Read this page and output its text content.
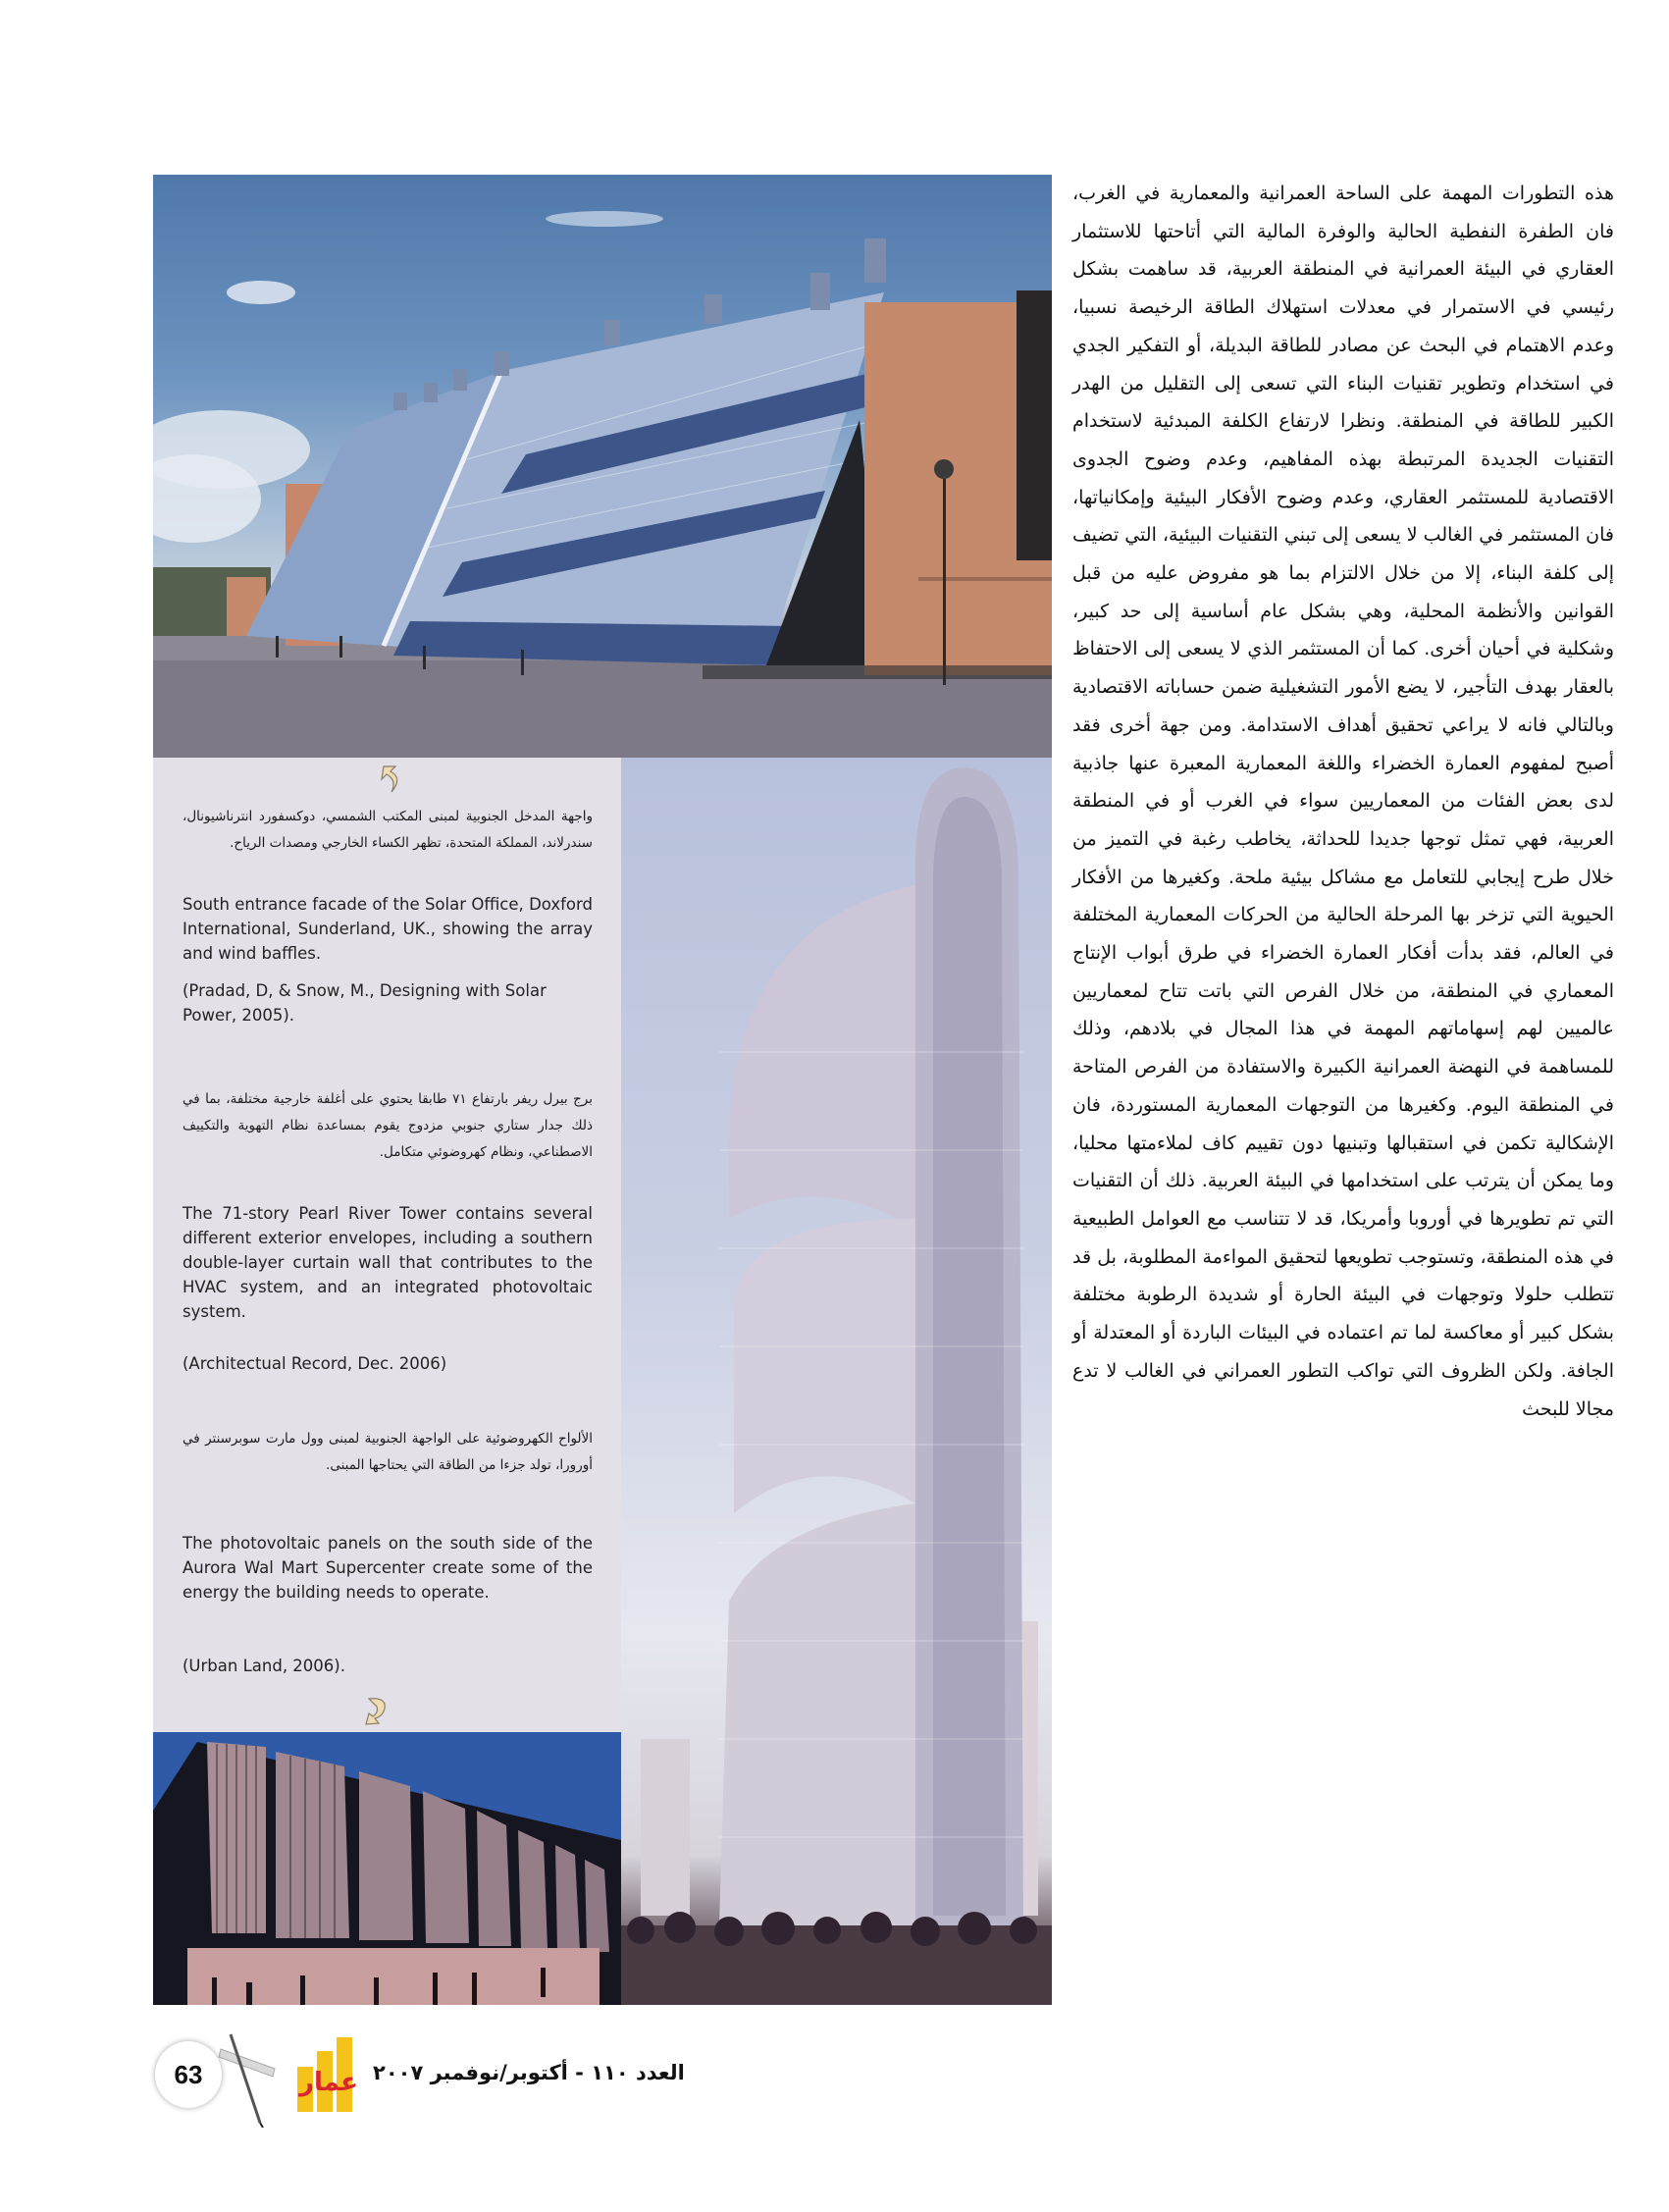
واجهة المدخل الجنوبية لمبنى المكتب الشمسي، دوكسفورد انترناشيونال، سندرلاند، المملكة المتحدة، تظهر الكساء الخارجي ومصدات الرياح.
South entrance facade of the Solar Office, Doxford International, Sunderland, UK., showing the array and wind baffles.
(Pradad, D, & Snow, M., Designing with Solar Power, 2005).
برج بيرل ريفر بارتفاع ٧١ طابقا يحتوي على أغلفة خارجية مختلفة، بما في ذلك جدار ستاري جنوبي مزدوج يقوم بمساعدة نظام التهوية والتكييف الاصطناعي، ونظام كهروضوئي متكامل.
The 71-story Pearl River Tower contains several different exterior envelopes, including a southern double-layer curtain wall that contributes to the HVAC system, and an integrated photovoltaic system.
(Architectual Record, Dec. 2006)
الألواح الكهروضوئية على الواجهة الجنوبية لمبنى وول مارت سوبرسنتر في أورورا، تولد جزءا من الطاقة التي يحتاجها المبنى.
The photovoltaic panels on the south side of the Aurora Wal Mart Supercenter create some of the energy the building needs to operate.
(Urban Land, 2006).

هذه التطورات المهمة على الساحة العمرانية والمعمارية في الغرب، فان الطفرة النفطية الحالية والوفرة المالية التي أتاحتها للاستثمار العقاري في البيئة العمرانية في المنطقة العربية، قد ساهمت بشكل رئيسي في الاستمرار في معدلات استهلاك الطاقة الرخيصة نسبيا، وعدم الاهتمام في البحث عن مصادر للطاقة البديلة، أو التفكير الجدي في استخدام وتطوير تقنيات البناء التي تسعى إلى التقليل من الهدر الكبير للطاقة في المنطقة. ونظرا لارتفاع الكلفة المبدئية لاستخدام التقنيات الجديدة المرتبطة بهذه المفاهيم، وعدم وضوح الجدوى الاقتصادية للمستثمر العقاري، وعدم وضوح الأفكار البيئية وإمكانياتها، فان المستثمر في الغالب لا يسعى إلى تبني التقنيات البيئية، التي تضيف إلى كلفة البناء، إلا من خلال الالتزام بما هو مفروض عليه من قبل القوانين والأنظمة المحلية، وهي بشكل عام أساسية إلى حد كبير، وشكلية في أحيان أخرى. كما أن المستثمر الذي لا يسعى إلى الاحتفاظ بالعقار بهدف التأجير، لا يضع الأمور التشغيلية ضمن حساباته الاقتصادية وبالتالي فانه لا يراعي تحقيق أهداف الاستدامة. ومن جهة أخرى فقد أصبح لمفهوم العمارة الخضراء واللغة المعمارية المعبرة عنها جاذبية لدى بعض الفئات من المعماريين سواء في الغرب أو في المنطقة العربية، فهي تمثل توجها جديدا للحداثة، يخاطب رغبة في التميز من خلال طرح إيجابي للتعامل مع مشاكل بيئية ملحة. وكغيرها من الأفكار الحيوية التي تزخر بها المرحلة الحالية من الحركات المعمارية المختلفة في العالم، فقد بدأت أفكار العمارة الخضراء في طرق أبواب الإنتاج المعماري في المنطقة، من خلال الفرص التي باتت تتاح لمعماريين عالميين لهم إسهاماتهم المهمة في هذا المجال في بلادهم، وذلك للمساهمة في النهضة العمرانية الكبيرة والاستفادة من الفرص المتاحة في المنطقة اليوم. وكغيرها من التوجهات المعمارية المستوردة، فان الإشكالية تكمن في استقبالها وتبنيها دون تقييم كاف لملاءمتها محليا، وما يمكن أن يترتب على استخدامها في البيئة العربية. ذلك أن التقنيات التي تم تطويرها في أوروبا وأمريكا، قد لا تتناسب مع العوامل الطبيعية في هذه المنطقة، وتستوجب تطويعها لتحقيق المواءمة المطلوبة، بل قد تتطلب حلولا وتوجهات في البيئة الحارة أو شديدة الرطوبة مختلفة بشكل كبير أو معاكسة لما تم اعتماده في البيئات الباردة أو المعتدلة أو الجافة. ولكن الظروف التي تواكب التطور العمراني في الغالب لا تدع مجالا للبحث

63	عمار العدد ١١٠ - أكتوبر/نوفمبر ٢٠٠٧
